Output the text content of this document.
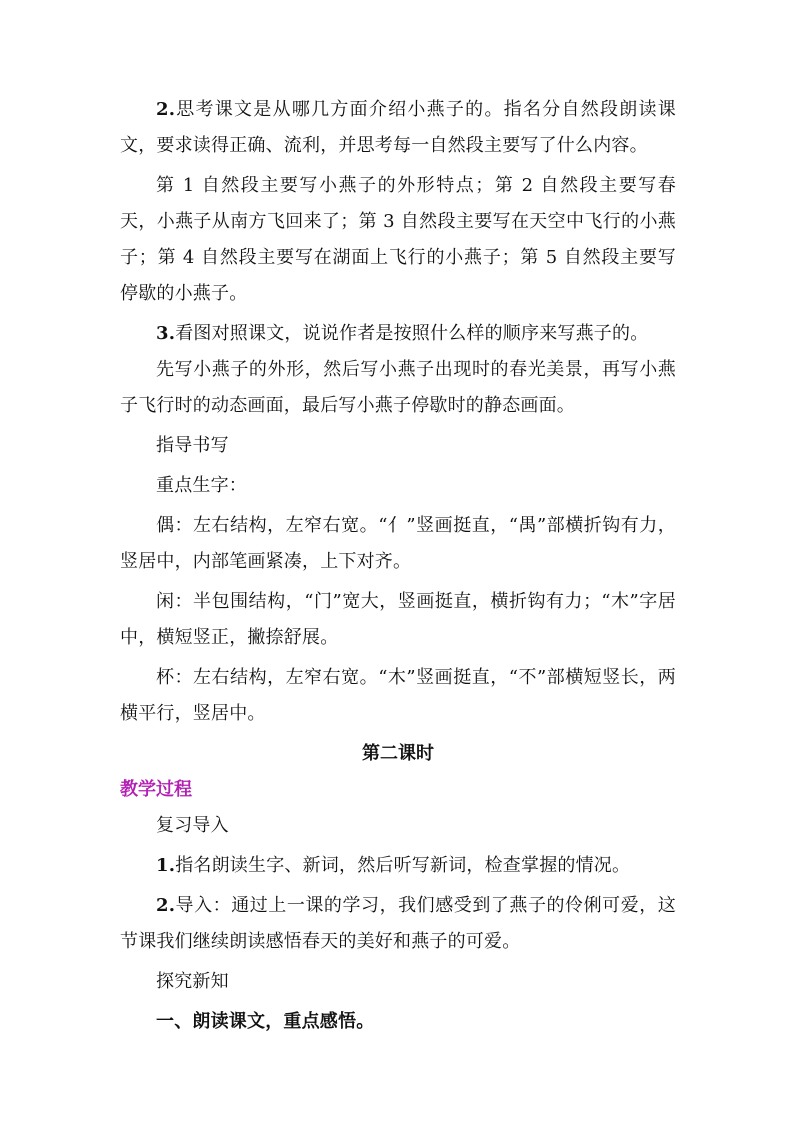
2.思考课文是从哪几方面介绍小燕子的。指名分自然段朗读课文，要求读得正确、流利，并思考每一自然段主要写了什么内容。

第 1 自然段主要写小燕子的外形特点；第 2 自然段主要写春天，小燕子从南方飞回来了；第 3 自然段主要写在天空中飞行的小燕子；第 4 自然段主要写在湖面上飞行的小燕子；第 5 自然段主要写停歇的小燕子。

3.看图对照课文，说说作者是按照什么样的顺序来写燕子的。

先写小燕子的外形，然后写小燕子出现时的春光美景，再写小燕子飞行时的动态画面，最后写小燕子停歇时的静态画面。

指导书写

重点生字：

偶：左右结构，左窄右宽。“亻”竖画挺直，“禺”部横折钩有力，竖居中，内部笔画紧凑，上下对齐。

闲：半包围结构，“门”宽大，竖画挺直，横折钩有力；“木”字居中，横短竖正，撇捺舒展。

杯：左右结构，左窄右宽。“木”竖画挺直，“不”部横短竖长，两横平行，竖居中。

第二课时

教学过程

复习导入

1.指名朗读生字、新词，然后听写新词，检查掌握的情况。

2.导入：通过上一课的学习，我们感受到了燕子的伶俐可爱，这节课我们继续朗读感悟春天的美好和燕子的可爱。

探究新知

一、朗读课文，重点感悟。
